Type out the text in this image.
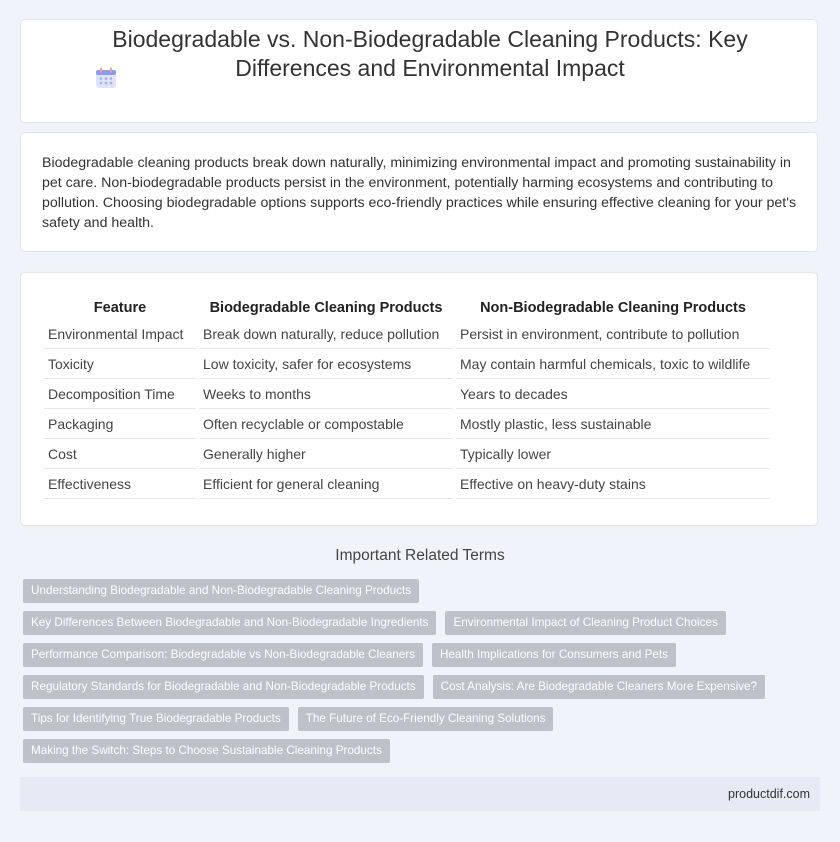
Biodegradable vs. Non-Biodegradable Cleaning Products: Key Differences and Environmental Impact

Biodegradable cleaning products break down naturally, minimizing environmental impact and promoting sustainability in pet care. Non-biodegradable products persist in the environment, potentially harming ecosystems and contributing to pollution. Choosing biodegradable options supports eco-friendly practices while ensuring effective cleaning for your pet's safety and health.

Feature	Biodegradable Cleaning Products	Non-Biodegradable Cleaning Products
Environmental Impact	Break down naturally, reduce pollution	Persist in environment, contribute to pollution
Toxicity	Low toxicity, safer for ecosystems	May contain harmful chemicals, toxic to wildlife
Decomposition Time	Weeks to months	Years to decades
Packaging	Often recyclable or compostable	Mostly plastic, less sustainable
Cost	Generally higher	Typically lower
Effectiveness	Efficient for general cleaning	Effective on heavy-duty stains
Important Related Terms
Understanding Biodegradable and Non-Biodegradable Cleaning Products
Key Differences Between Biodegradable and Non-Biodegradable Ingredients	Environmental Impact of Cleaning Product Choices
Performance Comparison: Biodegradable vs Non-Biodegradable Cleaners	Health Implications for Consumers and Pets
Regulatory Standards for Biodegradable and Non-Biodegradable Products	Cost Analysis: Are Biodegradable Cleaners More Expensive?
Tips for Identifying True Biodegradable Products	The Future of Eco-Friendly Cleaning Solutions
Making the Switch: Steps to Choose Sustainable Cleaning Products
productdif.com
